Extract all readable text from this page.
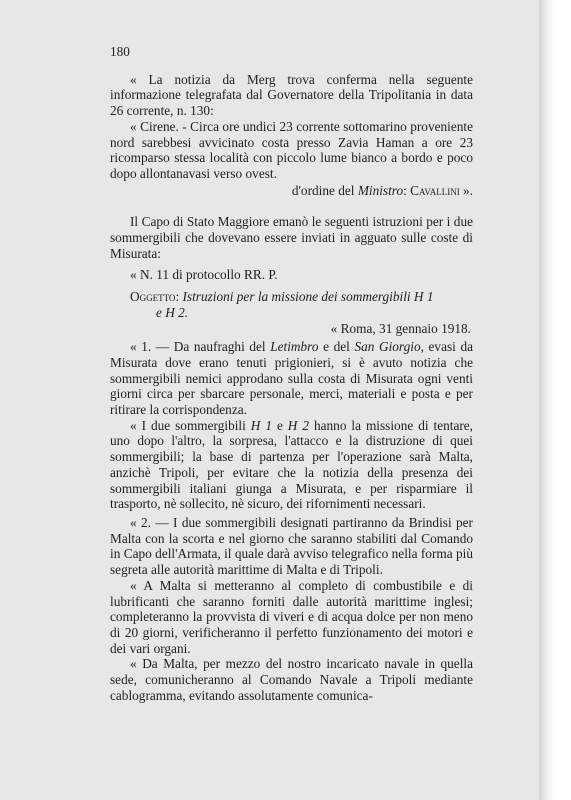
180

« La notizia da Merg trova conferma nella seguente informazione telegrafata dal Governatore della Tripolitania in data 26 corrente, n. 130:

« Cirene. - Circa ore undici 23 corrente sottomarino proveniente nord sarebbesi avvicinato costa presso Zavia Haman a ore 23 ricomparso stessa località con piccolo lume bianco a bordo e poco dopo allontanavasi verso ovest.

d'ordine del Ministro: Cavallini ».

Il Capo di Stato Maggiore emanò le seguenti istruzioni per i due sommergibili che dovevano essere inviati in agguato sulle coste di Misurata:

« N. 11 di protocollo RR. P.

Oggetto: Istruzioni per la missione dei sommergibili H 1

e H 2.

« Roma, 31 gennaio 1918.

« 1. — Da naufraghi del Letimbro e del San Giorgio, evasi da Misurata dove erano tenuti prigionieri, si è avuto notizia che sommergibili nemici approdano sulla costa di Misurata ogni venti giorni circa per sbarcare personale, merci, materiali e posta e per ritirare la corrispondenza.

« I due sommergibili H 1 e H 2 hanno la missione di tentare, uno dopo l'altro, la sorpresa, l'attacco e la distruzione di quei sommergibili; la base di partenza per l'operazione sarà Malta, anzichè Tripoli, per evitare che la notizia della presenza dei sommergibili italiani giunga a Misurata, e per risparmiare il trasporto, nè sollecito, nè sicuro, dei rifornimenti necessari.

« 2. — I due sommergibili designati partiranno da Brindisi per Malta con la scorta e nel giorno che saranno stabiliti dal Comando in Capo dell'Armata, il quale darà avviso telegrafico nella forma più segreta alle autorità marittime di Malta e di Tripoli.

« A Malta si metteranno al completo di combustibile e di lubrificanti che saranno forniti dalle autorità marittime inglesi; completeranno la provvista di viveri e di acqua dolce per non meno di 20 giorni, verificheranno il perfetto funzionamento dei motori e dei vari organi.

« Da Malta, per mezzo del nostro incaricato navale in quella sede, comunicheranno al Comando Navale a Tripoli mediante cablogramma, evitando assolutamente comunica-
